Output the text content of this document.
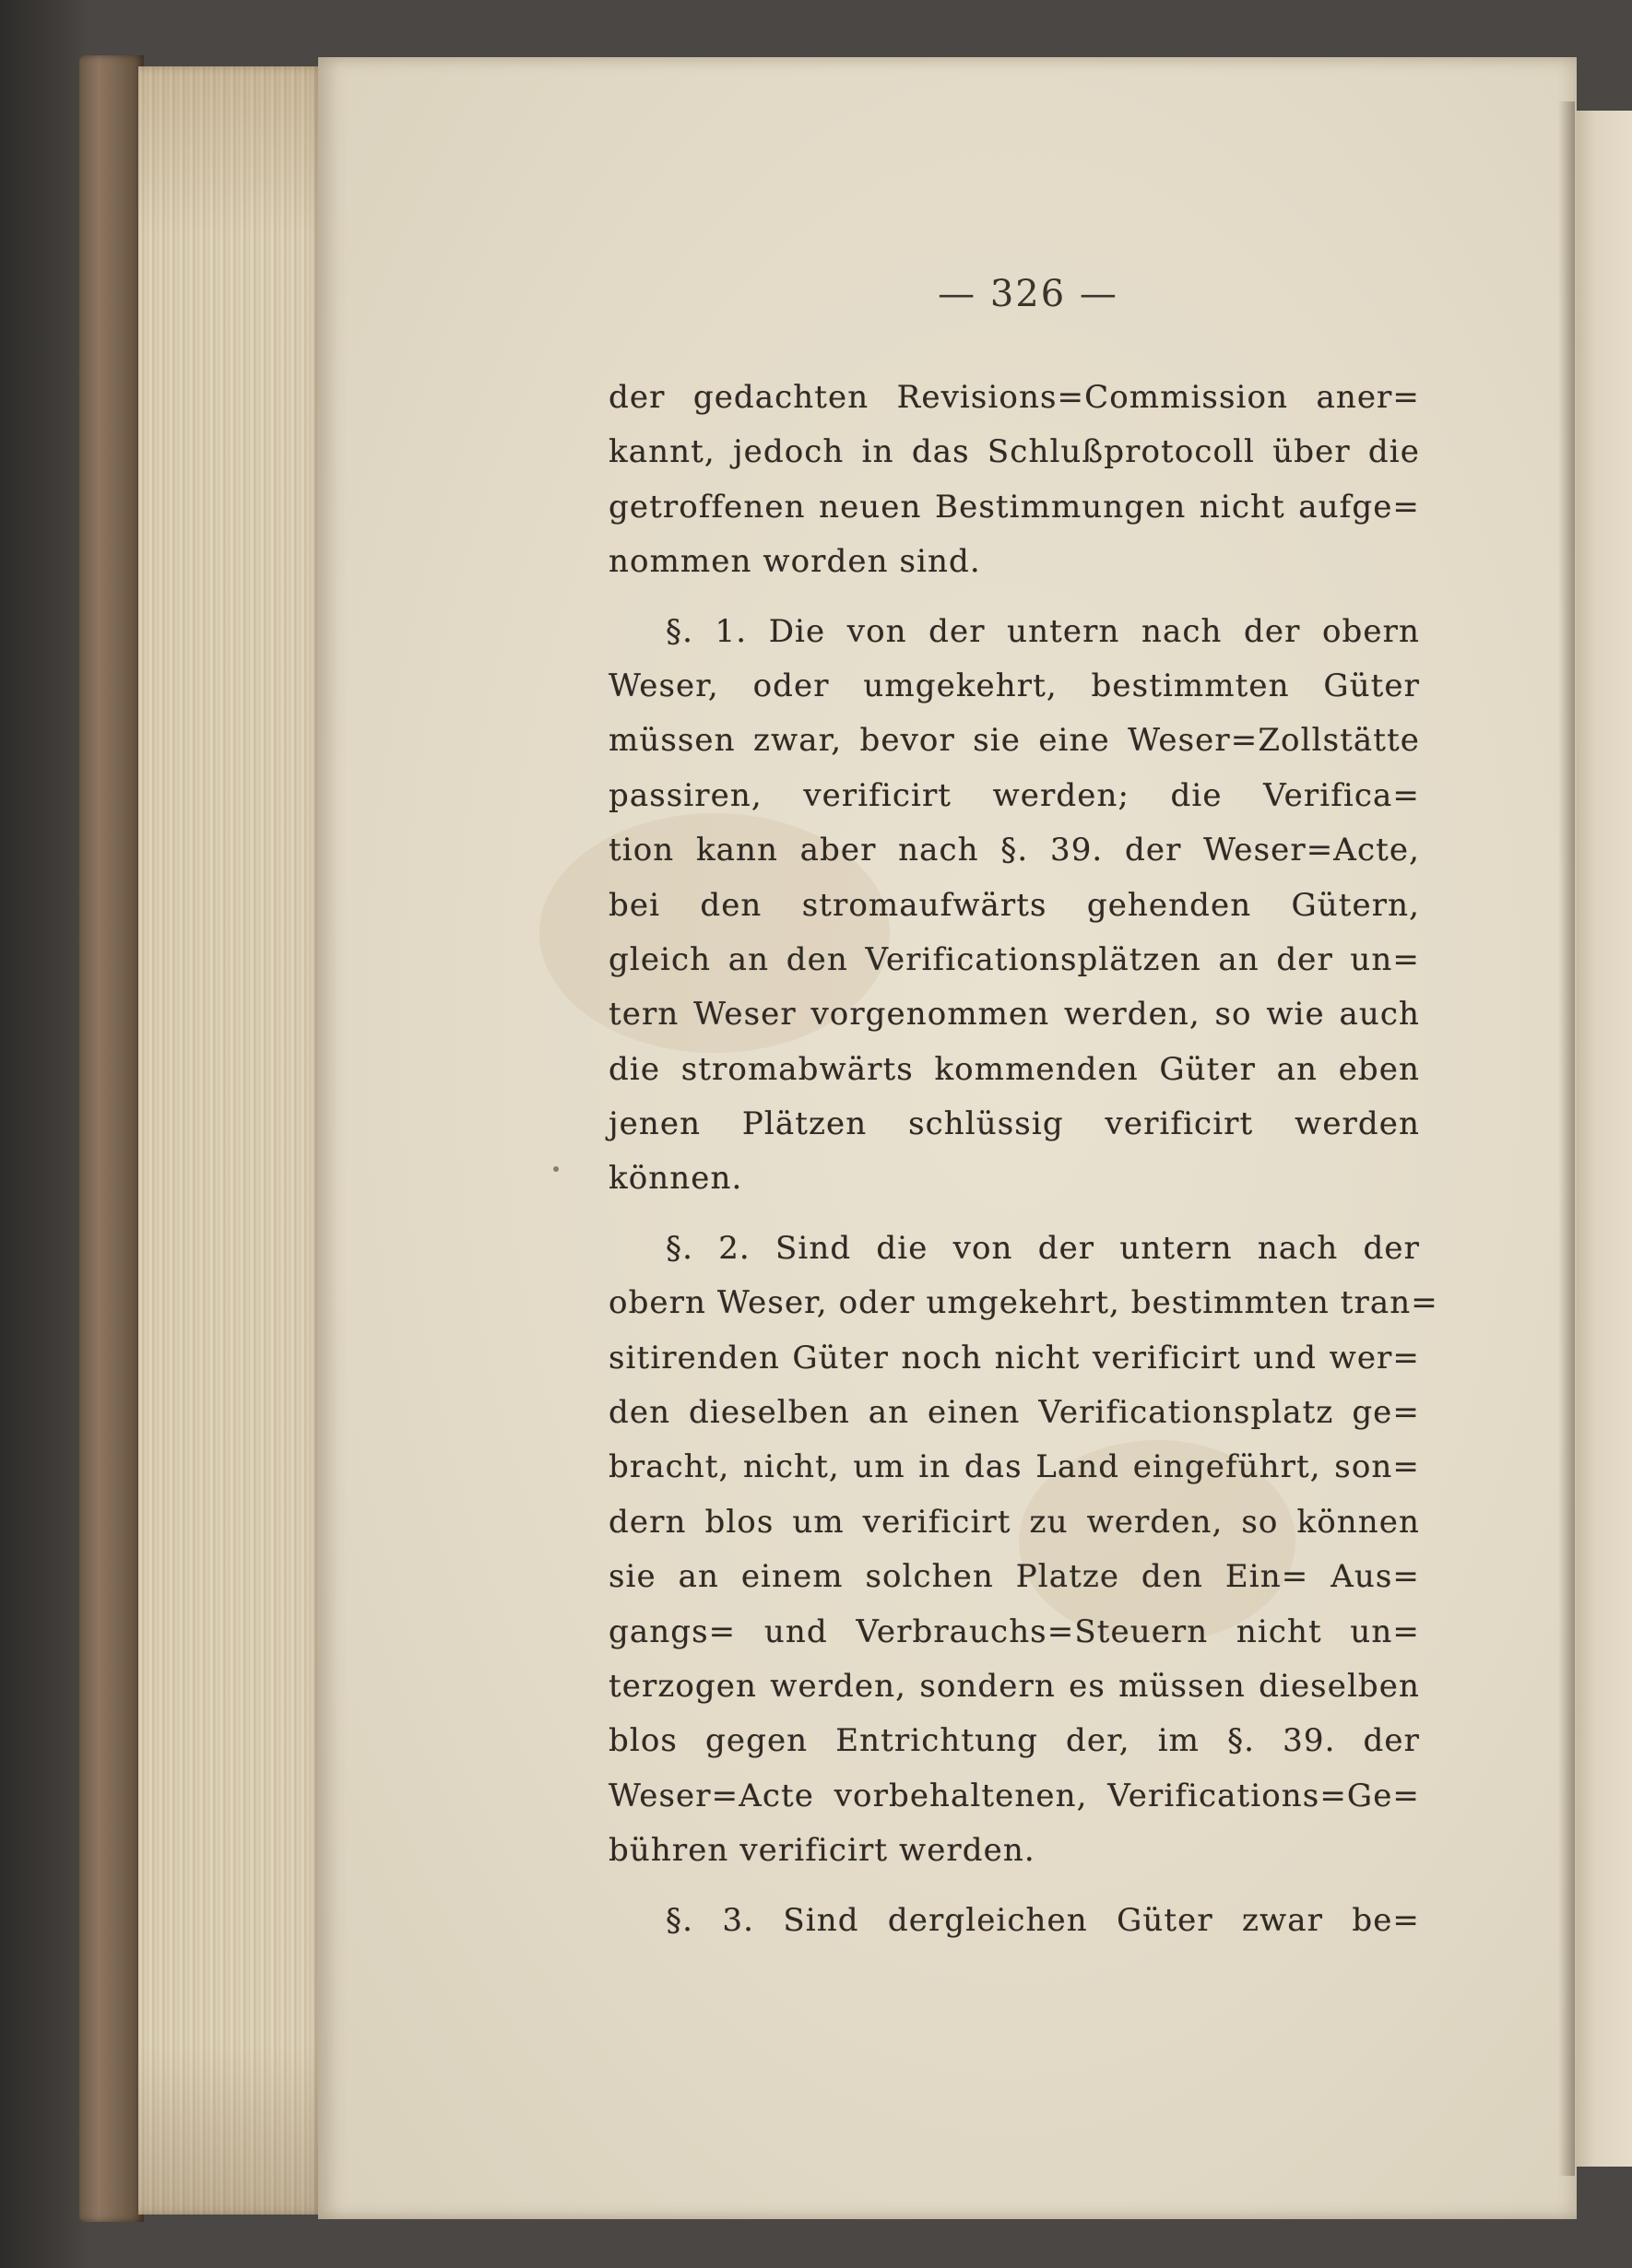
— 326 —
der gedachten Revisions=Commission aner=
kannt, jedoch in das Schlußprotocoll über die
getroffenen neuen Bestimmungen nicht aufge=
nommen worden sind.
§. 1. Die von der untern nach der obern
Weser, oder umgekehrt, bestimmten Güter
müssen zwar, bevor sie eine Weser=Zollstätte
passiren, verificirt werden; die Verifica=
tion kann aber nach §. 39. der Weser=Acte,
bei den stromaufwärts gehenden Gütern,
gleich an den Verificationsplätzen an der un=
tern Weser vorgenommen werden, so wie auch
die stromabwärts kommenden Güter an eben
jenen Plätzen schlüssig verificirt werden
können.
§. 2. Sind die von der untern nach der
obern Weser, oder umgekehrt, bestimmten tran=
sitirenden Güter noch nicht verificirt und wer=
den dieselben an einen Verificationsplatz ge=
bracht, nicht, um in das Land eingeführt, son=
dern blos um verificirt zu werden, so können
sie an einem solchen Platze den Ein= Aus=
gangs= und Verbrauchs=Steuern nicht un=
terzogen werden, sondern es müssen dieselben
blos gegen Entrichtung der, im §. 39. der
Weser=Acte vorbehaltenen, Verifications=Ge=
bühren verificirt werden.
§. 3. Sind dergleichen Güter zwar be=
